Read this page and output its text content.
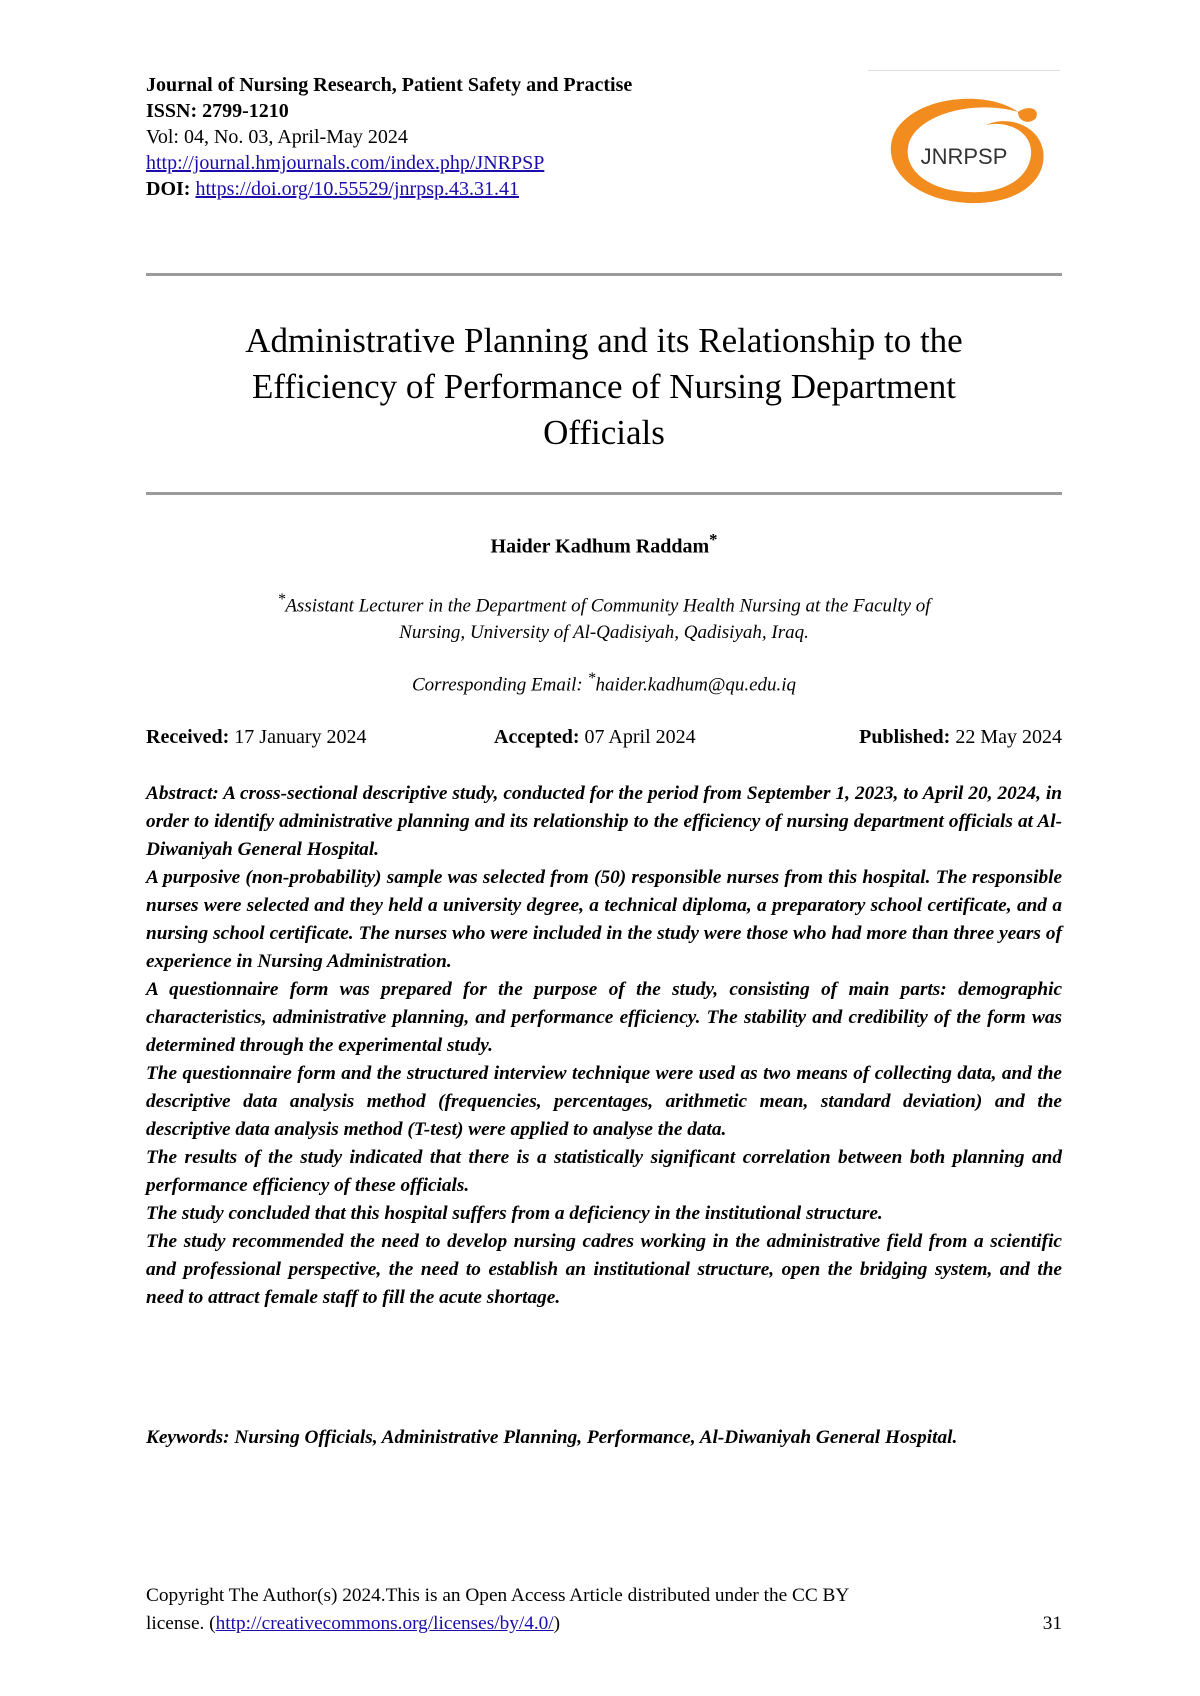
Journal of Nursing Research, Patient Safety and Practise
ISSN: 2799-1210
Vol: 04, No. 03, April-May 2024
http://journal.hmjournals.com/index.php/JNRPSP
DOI: https://doi.org/10.55529/jnrpsp.43.31.41
JNRPSP
Administrative Planning and its Relationship to the
Efficiency of Performance of Nursing Department
Officials
Haider Kadhum Raddam*
*Assistant Lecturer in the Department of Community Health Nursing at the Faculty of
Nursing, University of Al-Qadisiyah, Qadisiyah, Iraq.
Corresponding Email: *haider.kadhum@qu.edu.iq
Received: 17 January 2024	Accepted: 07 April 2024	Published: 22 May 2024

Abstract: A cross-sectional descriptive study, conducted for the period from September 1, 2023, to April 20, 2024, in order to identify administrative planning and its relationship to the efficiency of nursing department officials at Al-Diwaniyah General Hospital.

A purposive (non-probability) sample was selected from (50) responsible nurses from this hospital. The responsible nurses were selected and they held a university degree, a technical diploma, a preparatory school certificate, and a nursing school certificate. The nurses who were included in the study were those who had more than three years of experience in Nursing Administration.

A questionnaire form was prepared for the purpose of the study, consisting of main parts: demographic characteristics, administrative planning, and performance efficiency. The stability and credibility of the form was determined through the experimental study.

The questionnaire form and the structured interview technique were used as two means of collecting data, and the descriptive data analysis method (frequencies, percentages, arithmetic mean, standard deviation) and the descriptive data analysis method (T-test) were applied to analyse the data.

The results of the study indicated that there is a statistically significant correlation between both planning and performance efficiency of these officials.

The study concluded that this hospital suffers from a deficiency in the institutional structure.

The study recommended the need to develop nursing cadres working in the administrative field from a scientific and professional perspective, the need to establish an institutional structure, open the bridging system, and the need to attract female staff to fill the acute shortage.

Keywords: Nursing Officials, Administrative Planning, Performance, Al-Diwaniyah General Hospital.
Copyright The Author(s) 2024.This is an Open Access Article distributed under the CC BY
license. (http://creativecommons.org/licenses/by/4.0/)	31
